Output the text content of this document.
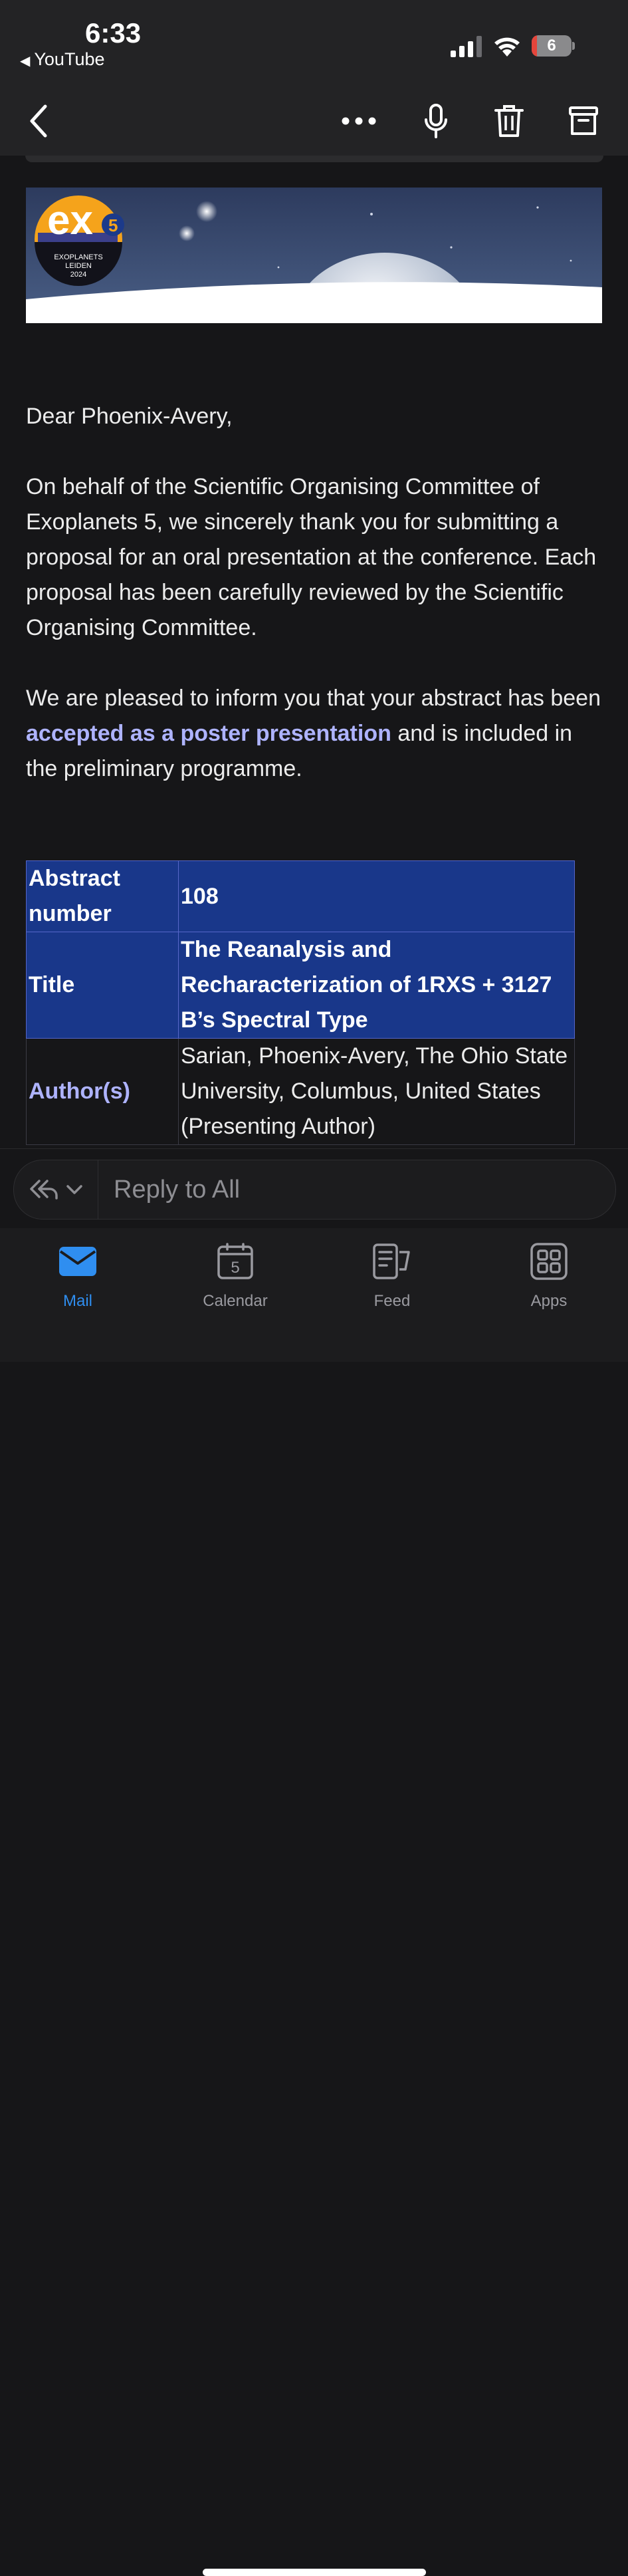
6:33
◀ YouTube
6
ex 5
EXOPLANETS
LEIDEN
2024

Dear Phoenix-Avery,

On behalf of the Scientific Organising Committee of Exoplanets 5, we sincerely thank you for submitting a proposal for an oral presentation at the conference. Each proposal has been carefully reviewed by the Scientific Organising Committee.

We are pleased to inform you that your abstract has been accepted as a poster presentation and is included in the preliminary programme.

Abstract number	108
Title	The Reanalysis and Recharacterization of 1RXS + 3127 B’s Spectral Type
Author(s)	Sarian, Phoenix-Avery, The Ohio State University, Columbus, United States (Presenting Author)
Reply to All
Mail
5
Calendar	Feed	Apps
